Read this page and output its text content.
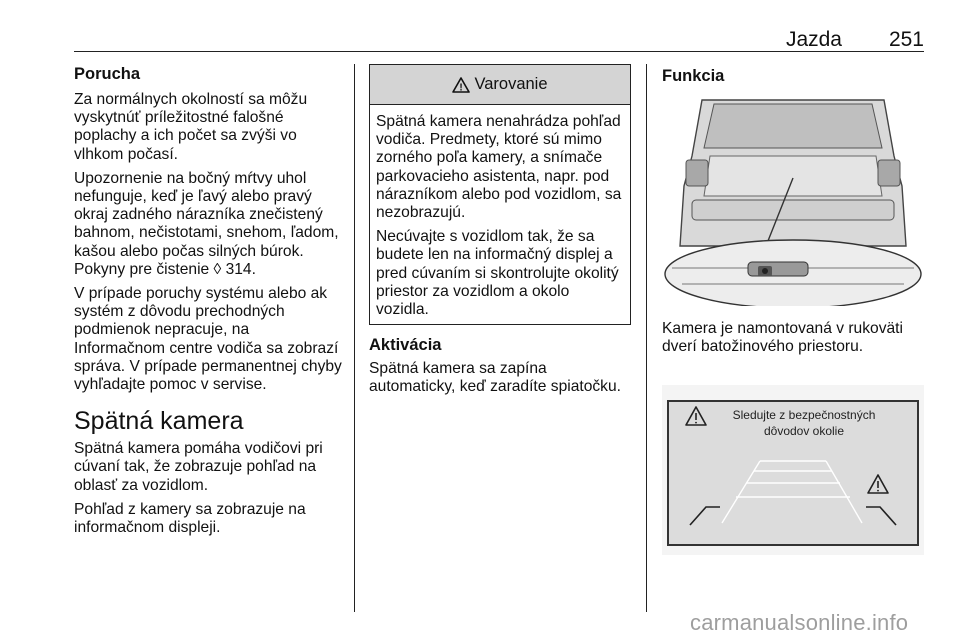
Jazda 251
Porucha

Za normálnych okolností sa môžu vyskytnúť príležitostné falošné poplachy a ich počet sa zvýši vo vlhkom počasí.

Upozornenie na bočný mŕtvy uhol nefunguje, keď je ľavý alebo pravý okraj zadného nárazníka znečistený bahnom, nečistotami, snehom, ľadom, kašou alebo počas silných búrok. Pokyny pre čistenie ◊ 314.

V prípade poruchy systému alebo ak systém z dôvodu prechodných podmienok nepracuje, na Informačnom centre vodiča sa zobrazí správa. V prípade permanentnej chyby vyhľadajte pomoc v servise.

Spätná kamera

Spätná kamera pomáha vodičovi pri cúvaní tak, že zobrazuje pohľad na oblasť za vozidlom.

Pohľad z kamery sa zobrazuje na informačnom displeji.

! Varovanie

Spätná kamera nenahrádza pohľad vodiča. Predmety, ktoré sú mimo zorného poľa kamery, a snímače parkovacieho asistenta, napr. pod nárazníkom alebo pod vozidlom, sa nezobrazujú.

Necúvajte s vozidlom tak, že sa budete len na informačný displej a pred cúvaním si skontrolujte okolitý priestor za vozidlom a okolo vozidla.

Aktivácia

Spätná kamera sa zapína automaticky, keď zaradíte spiatočku.

Funkcia

Kamera je namontovaná v rukoväti dverí batožinového priestoru.

Sledujte z bezpečnostných
dôvodov okolie
carmanualsonline.info
